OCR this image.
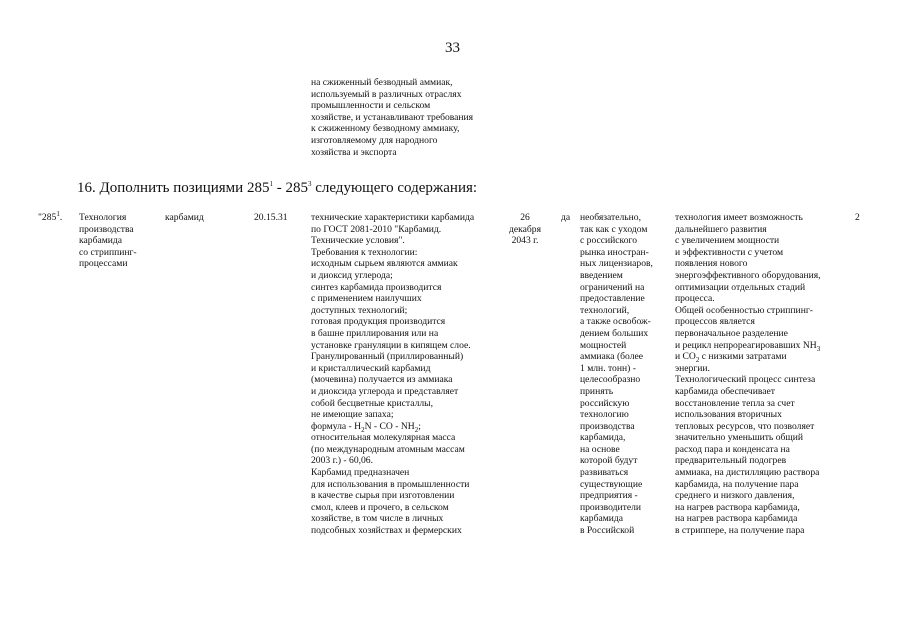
33
на сжиженный безводный аммиак,
используемый в различных отраслях
промышленности и сельском
хозяйстве, и устанавливают требования
к сжиженному безводному аммиаку,
изготовляемому для народного
хозяйства и экспорта
16. Дополнить позициями $285^1 - 285^3$ следующего содержания:
"$285^1$. Технология
производства
карбамида
со стриппинг-
процессами
карбамид	20.15.31 технические характеристики карбамида
по ГОСТ 2081-2010 "Карбамид.
Технические условия".
Требования к технологии:
исходным сырьем являются аммиак
и диоксид углерода;
синтез карбамида производится
с применением наилучших
доступных технологий;
готовая продукция производится
в башне приллирования или на
установке грануляции в кипящем слое.
Гранулированный (приллированный)
и кристаллический карбамид
(мочевина) получается из аммиака
и диоксида углерода и представляет
собой бесцветные кристаллы,
не имеющие запаха;
формула - $H_2N$ - CO - $NH_2$;
относительная молекулярная масса
(по международным атомным массам
2003 г.) - 60,06.
Карбамид предназначен
для использования в промышленности
в качестве сырья при изготовлении
смол, клеев и прочего, в сельском
хозяйстве, в том числе в личных
подсобных хозяйствах и фермерских
26
декабря
2043 г.
да необязательно,
так как с уходом
с российского
рынка иностран-
ных лицензиаров,
введением
ограничений на
предоставление
технологий,
а также освобож-
дением больших
мощностей
аммиака (более
1 млн. тонн) -
целесообразно
принять
российскую
технологию
производства
карбамида,
на основе
которой будут
развиваться
существующие
предприятия -
производители
карбамида
в Российской
технология имеет возможность
дальнейшего развития
с увеличением мощности
и эффективности с учетом
появления нового
энергоэффективного оборудования,
оптимизации отдельных стадий
процесса.
Общей особенностью стриппинг-
процессов является
первоначальное разделение
и рецикл непрореагировавших $NH_3$
и $CO_2$ с низкими затратами
энергии.
Технологический процесс синтеза
карбамида обеспечивает
восстановление тепла за счет
использования вторичных
тепловых ресурсов, что позволяет
значительно уменьшить общий
расход пара и конденсата на
предварительный подогрев
аммиака, на дистилляцию раствора
карбамида, на получение пара
среднего и низкого давления,
на нагрев раствора карбамида,
на нагрев раствора карбамида
в стриппере, на получение пара
2
